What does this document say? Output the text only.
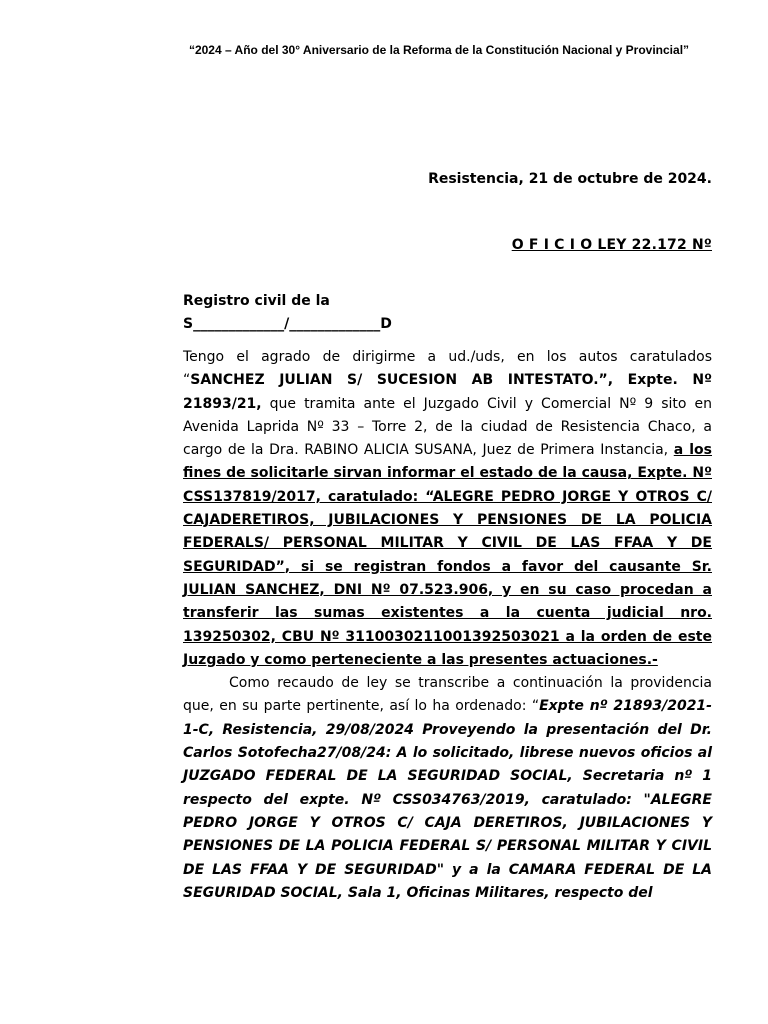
“2024 – Año del 30° Aniversario de la Reforma de la Constitución Nacional y Provincial”
Resistencia, 21 de octubre de 2024.
O F I C I O LEY 22.172 Nº
Registro civil de la
S_____________/_____________D

Tengo el agrado de dirigirme a ud./uds, en los autos caratulados “SANCHEZ JULIAN S/ SUCESION AB INTESTATO.”, Expte. Nº 21893/21, que tramita ante el Juzgado Civil y Comercial Nº 9 sito en Avenida Laprida Nº 33 – Torre 2, de la ciudad de Resistencia Chaco, a cargo de la Dra. RABINO ALICIA SUSANA, Juez de Primera Instancia, a los fines de solicitarle sirvan informar el estado de la causa, Expte. Nº CSS137819/2017, caratulado: “ALEGRE PEDRO JORGE Y OTROS C/ CAJADERETIROS, JUBILACIONES Y PENSIONES DE LA POLICIA FEDERALS/ PERSONAL MILITAR Y CIVIL DE LAS FFAA Y DE SEGURIDAD”, si se registran fondos a favor del causante Sr. JULIAN SANCHEZ, DNI Nº 07.523.906, y en su caso procedan a transferir las sumas existentes a la cuenta judicial nro. 139250302, CBU Nº 3110030211001392503021 a la orden de este Juzgado y como perteneciente a las presentes actuaciones.-

Como recaudo de ley se transcribe a continuación la providencia que, en su parte pertinente, así lo ha ordenado: “Expte nº 21893/2021-1-C, Resistencia, 29/08/2024 Proveyendo la presentación del Dr. Carlos Sotofecha27/08/24: A lo solicitado, librese nuevos oficios al JUZGADO FEDERAL DE LA SEGURIDAD SOCIAL, Secretaria nº 1 respecto del expte. Nº CSS034763/2019, caratulado: "ALEGRE PEDRO JORGE Y OTROS C/ CAJA DERETIROS, JUBILACIONES Y PENSIONES DE LA POLICIA FEDERAL S/ PERSONAL MILITAR Y CIVIL DE LAS FFAA Y DE SEGURIDAD" y a la CAMARA FEDERAL DE LA SEGURIDAD SOCIAL, Sala 1, Oficinas Militares, respecto del
